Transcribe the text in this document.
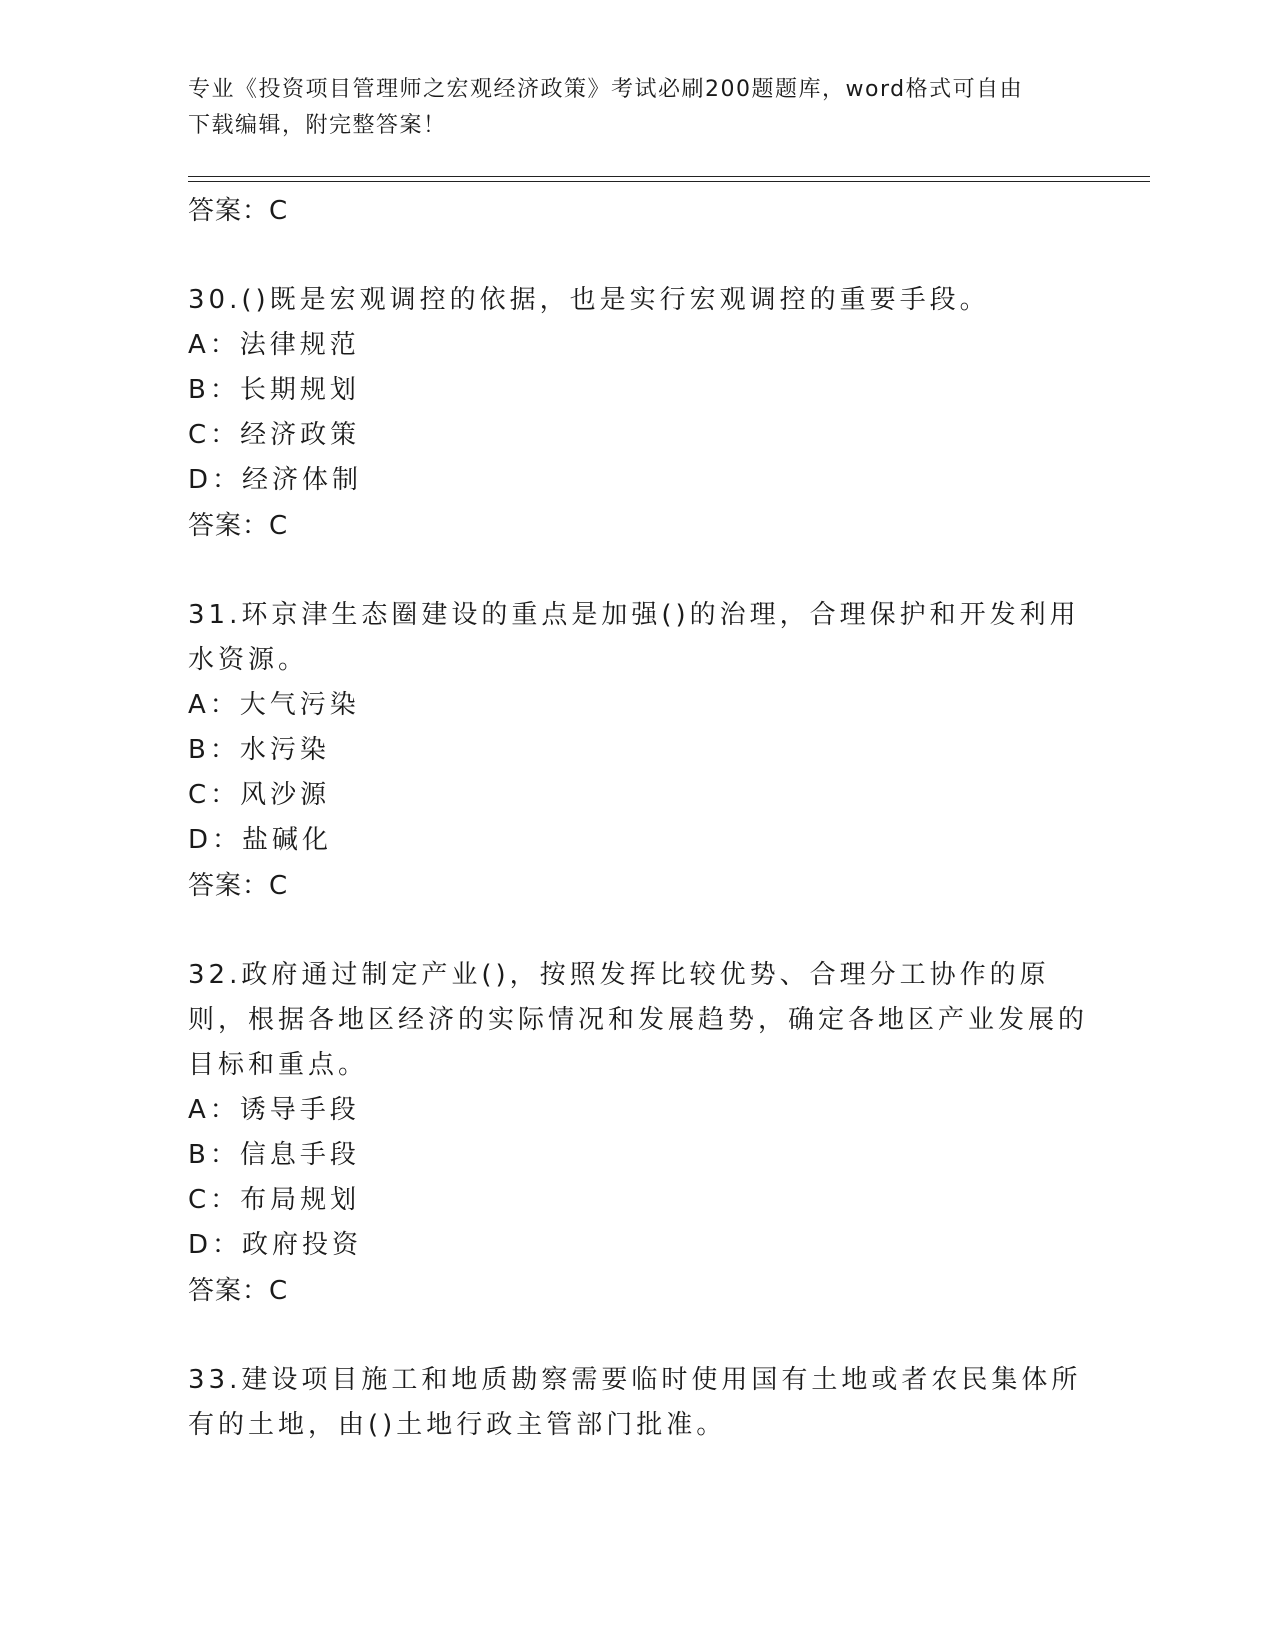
专业《投资项目管理师之宏观经济政策》考试必刷200题题库，word格式可自由
下载编辑，附完整答案！
答案：C
30.()既是宏观调控的依据，也是实行宏观调控的重要手段。
A：法律规范
B：长期规划
C：经济政策
D：经济体制
答案：C
31.环京津生态圈建设的重点是加强()的治理，合理保护和开发利用水资源。
A：大气污染
B：水污染
C：风沙源
D：盐碱化
答案：C
32.政府通过制定产业()，按照发挥比较优势、合理分工协作的原则，根据各地区经济的实际情况和发展趋势，确定各地区产业发展的目标和重点。
A：诱导手段
B：信息手段
C：布局规划
D：政府投资
答案：C
33.建设项目施工和地质勘察需要临时使用国有土地或者农民集体所有的土地，由()土地行政主管部门批准。
